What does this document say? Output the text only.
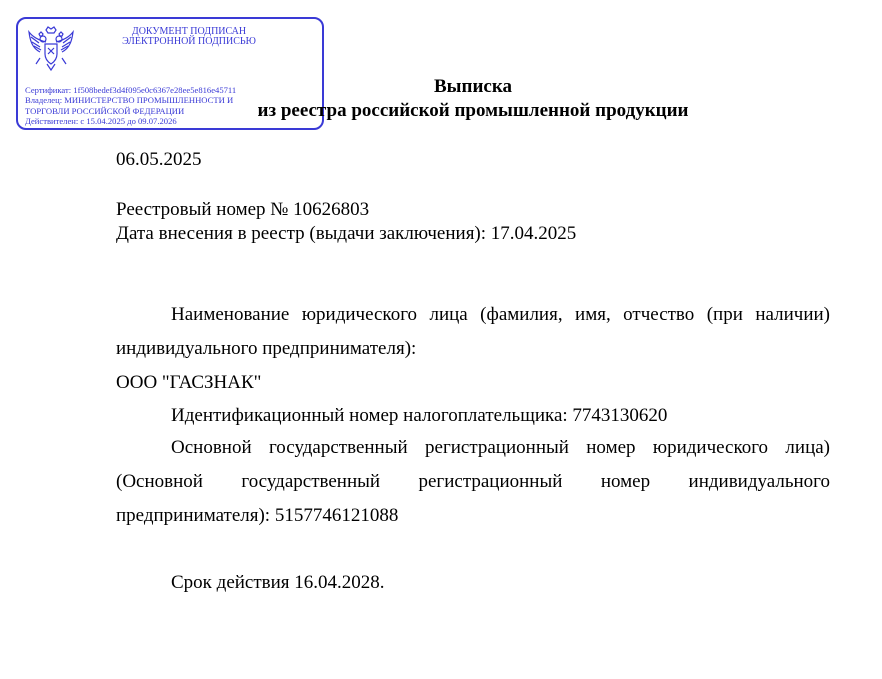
ДОКУМЕНТ ПОДПИСАН
ЭЛЕКТРОННОЙ ПОДПИСЬЮ
Сертификат: 1f508bedef3d4f095e0c6367e28ee5e816e45711
Владелец: МИНИСТЕРСТВО ПРОМЫШЛЕННОСТИ И
ТОРГОВЛИ РОССИЙСКОЙ ФЕДЕРАЦИИ
Действителен: с 15.04.2025 до 09.07.2026
Выписка
из реестра российской промышленной продукции

06.05.2025

Реестровый номер № 10626803

Дата внесения в реестр (выдачи заключения): 17.04.2025

Наименование юридического лица (фамилия, имя, отчество (при наличии) индивидуального предпринимателя):

ООО "ГАСЗНАК"

Идентификационный номер налогоплательщика: 7743130620

Основной государственный регистрационный номер юридического лица) (Основной государственный регистрационный номер индивидуального предпринимателя): 5157746121088

Срок действия 16.04.2028.
